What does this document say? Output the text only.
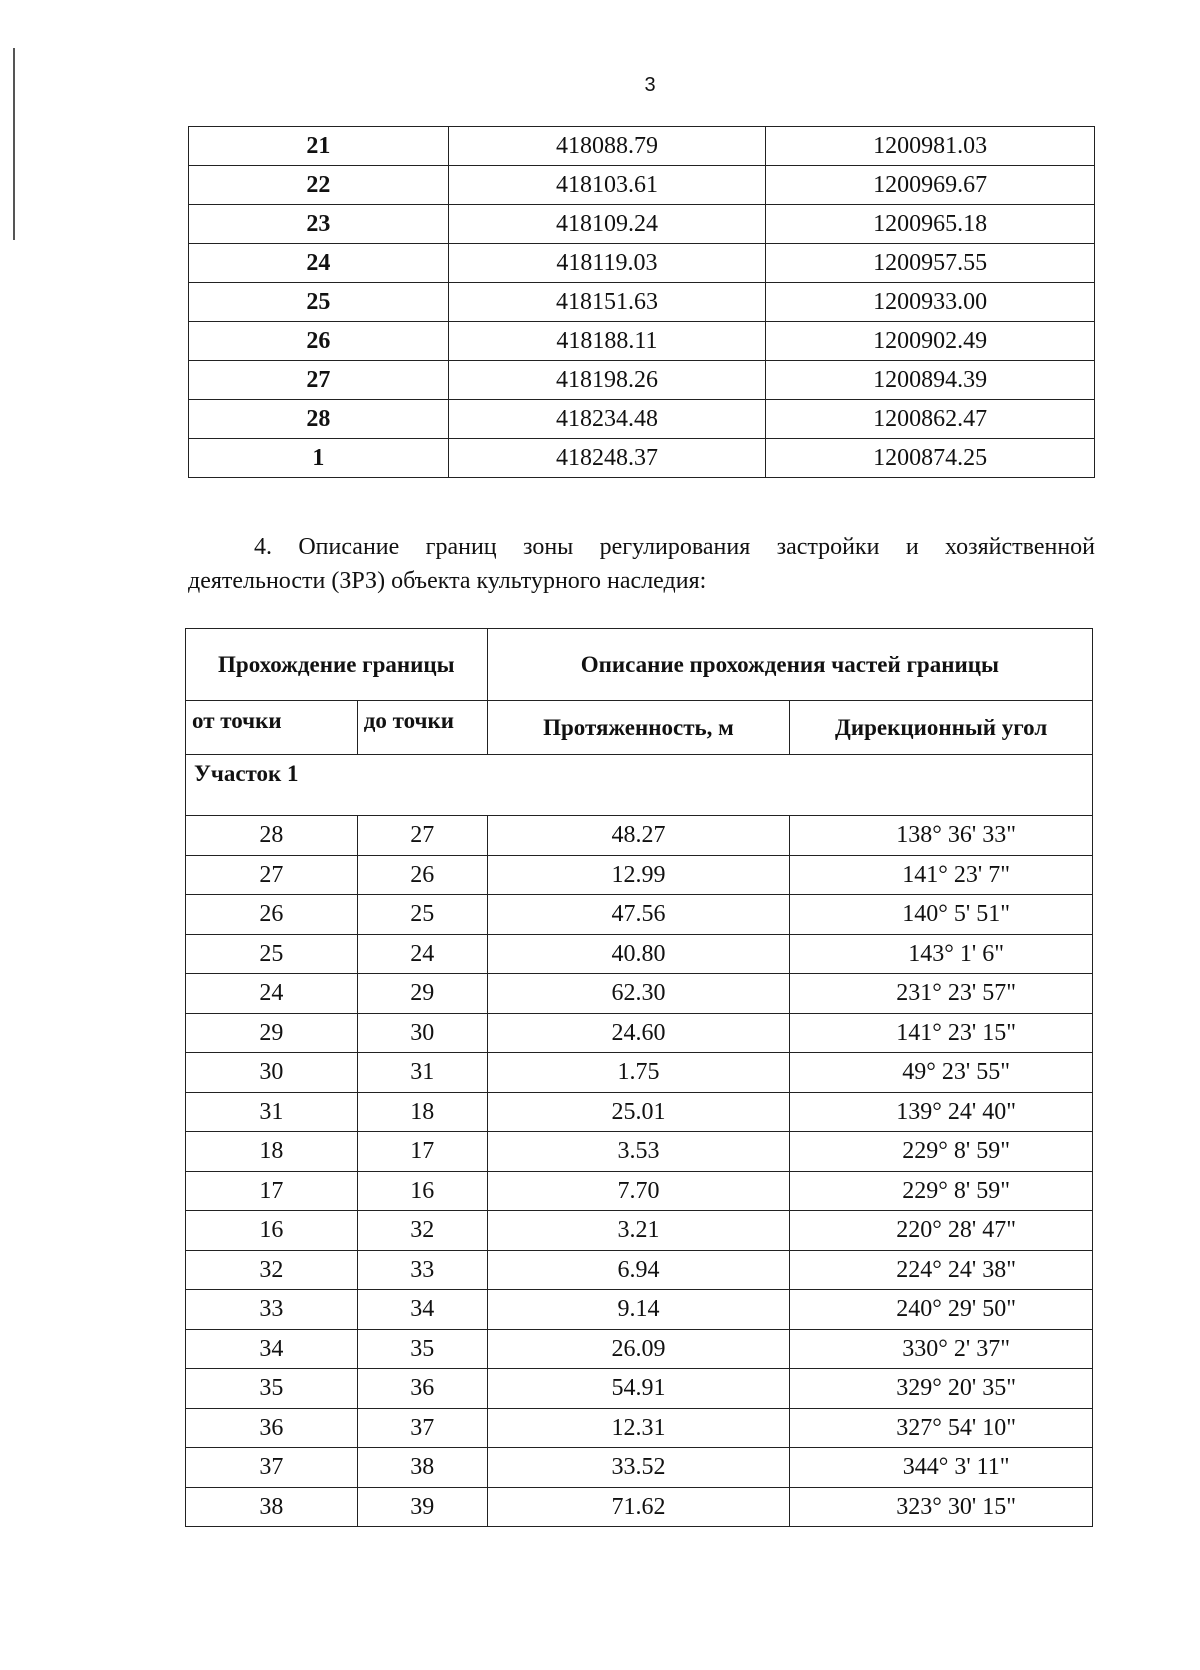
3
21	418088.79	1200981.03
22	418103.61	1200969.67
23	418109.24	1200965.18
24	418119.03	1200957.55
25	418151.63	1200933.00
26	418188.11	1200902.49
27	418198.26	1200894.39
28	418234.48	1200862.47
1	418248.37	1200874.25
4. Описание границ зоны регулирования застройки и хозяйственной деятельности (ЗРЗ) объекта культурного наследия:
Прохождение границы		Описание прохождения частей границы	
от точки	до точки	Протяженность, м	Дирекционный угол
Участок 1			
28	27	48.27	138° 36' 33"
27	26	12.99	141° 23' 7"
26	25	47.56	140° 5' 51"
25	24	40.80	143° 1' 6"
24	29	62.30	231° 23' 57"
29	30	24.60	141° 23' 15"
30	31	1.75	49° 23' 55"
31	18	25.01	139° 24' 40"
18	17	3.53	229° 8' 59"
17	16	7.70	229° 8' 59"
16	32	3.21	220° 28' 47"
32	33	6.94	224° 24' 38"
33	34	9.14	240° 29' 50"
34	35	26.09	330° 2' 37"
35	36	54.91	329° 20' 35"
36	37	12.31	327° 54' 10"
37	38	33.52	344° 3' 11"
38	39	71.62	323° 30' 15"
